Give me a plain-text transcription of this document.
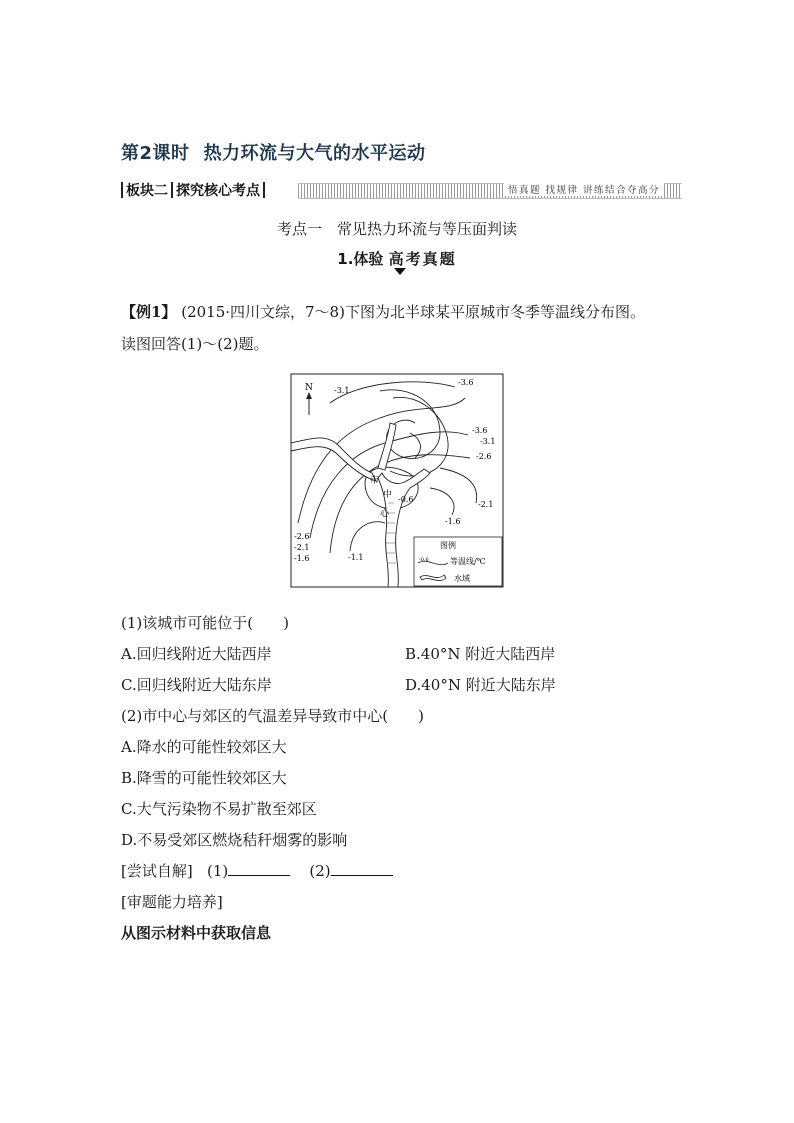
第2课时 热力环流与大气的水平运动
板块二 探究核心考点	悟真题 找规律 讲练结合夺高分
考点一　常见热力环流与等压面判读
1.体验 高考真题
【例1】 (2015·四川文综，7～8)下图为北半球某平原城市冬季等温线分布图。
读图回答(1)～(2)题。
N
市
中
心
-3.1
-3.6
-3.6
-3.1
-2.6
-2.1
-1.6
-0.6
-1.1
-2.6
-2.1
-1.6
图例
-0.6	等温线/℃
水域
(1)该城市可能位于(　　)
A.回归线附近大陆西岸	B.40°N 附近大陆西岸
C.回归线附近大陆东岸	D.40°N 附近大陆东岸
(2)市中心与郊区的气温差异导致市中心(　　)
A.降水的可能性较郊区大
B.降雪的可能性较郊区大
C.大气污染物不易扩散至郊区
D.不易受郊区燃烧秸秆烟雾的影响
[尝试自解] (1)	(2)
[审题能力培养]
从图示材料中获取信息
